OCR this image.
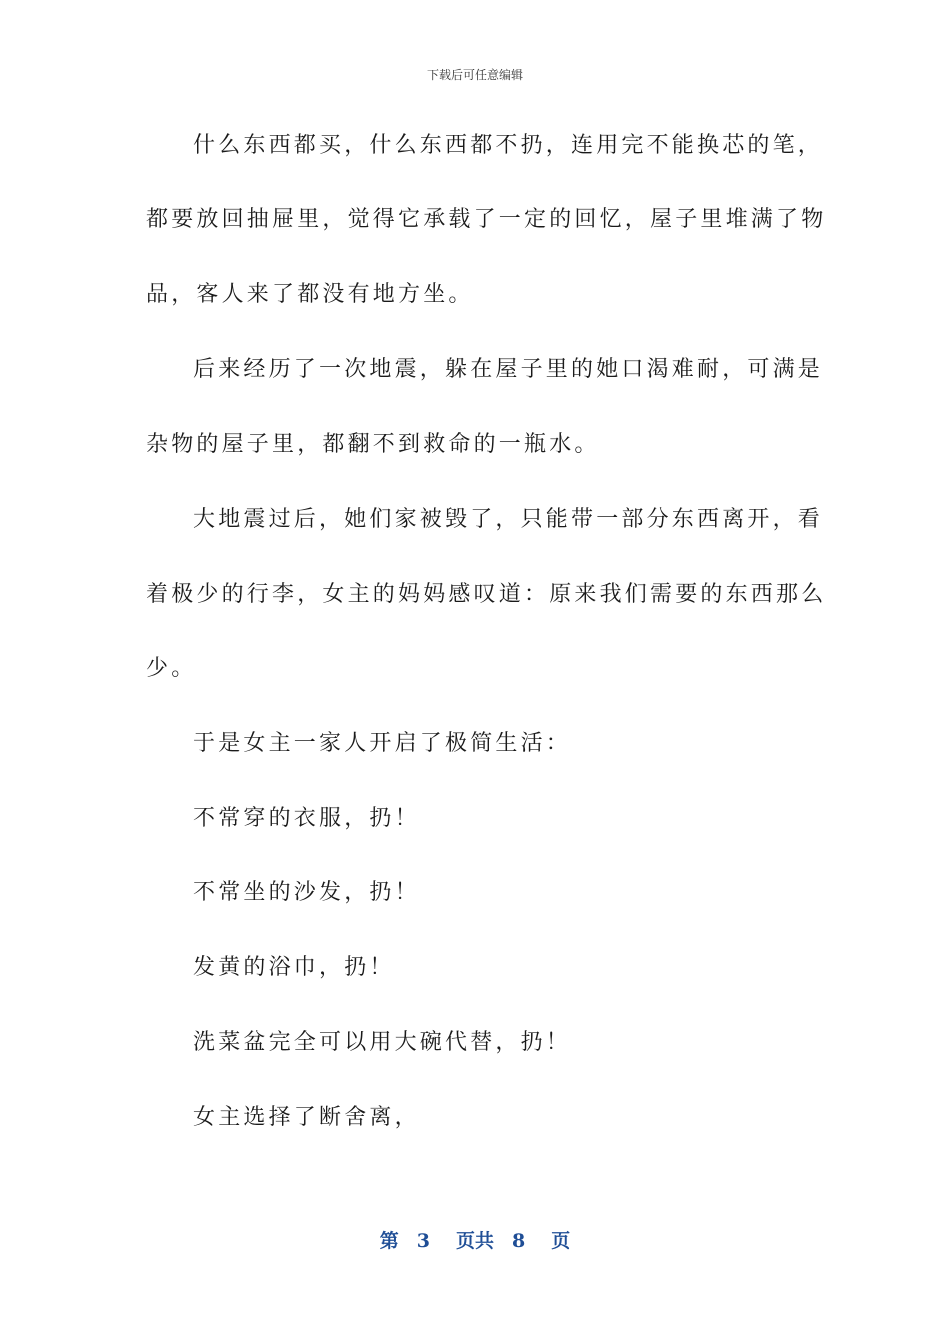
下载后可任意编辑
什么东西都买，什么东西都不扔，连用完不能换芯的笔，
都要放回抽屉里，觉得它承载了一定的回忆，屋子里堆满了物
品，客人来了都没有地方坐。
后来经历了一次地震，躲在屋子里的她口渴难耐，可满是
杂物的屋子里，都翻不到救命的一瓶水。
大地震过后，她们家被毁了，只能带一部分东西离开，看
着极少的行李，女主的妈妈感叹道：原来我们需要的东西那么
少。
于是女主一家人开启了极简生活：
不常穿的衣服，扔！
不常坐的沙发，扔！
发黄的浴巾，扔！
洗菜盆完全可以用大碗代替，扔！
女主选择了断舍离，
第 3 页共 8 页
